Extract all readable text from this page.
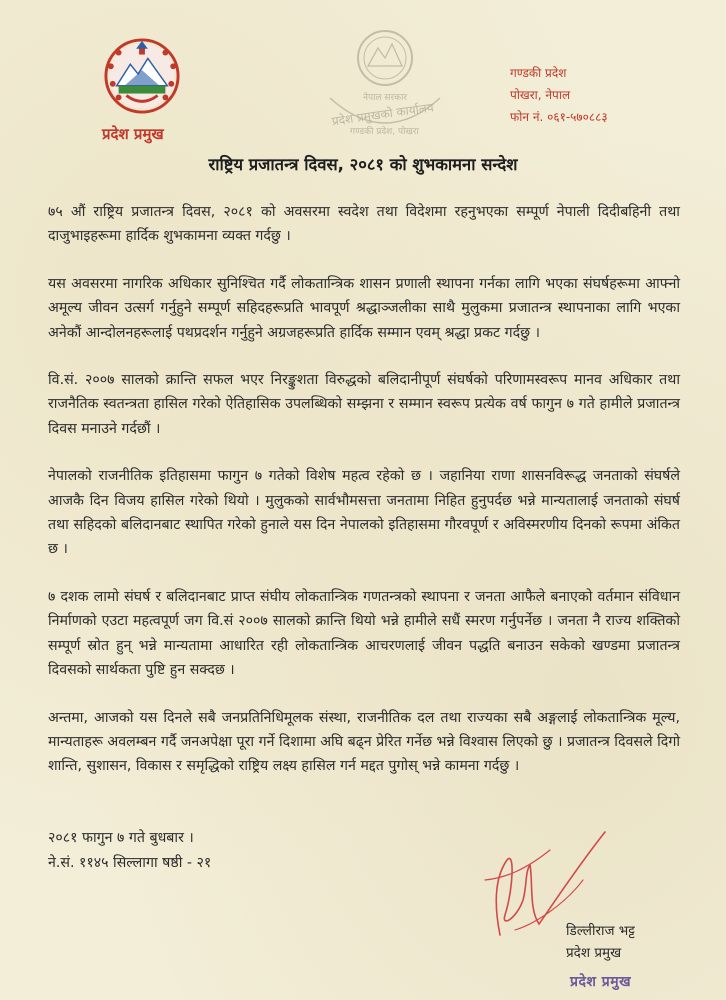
नेपाल सरकार
प्रदेश प्रमुखको कार्यालय
गण्डकी प्रदेश, पोखरा
प्रदेश प्रमुख
गण्डकी प्रदेश
पोखरा, नेपाल
फोन नं. ०६१-५७०८८३
राष्ट्रिय प्रजातन्त्र दिवस, २०८१ को शुभकामना सन्देश

७५ औं राष्ट्रिय प्रजातन्त्र दिवस, २०८१ को अवसरमा स्वदेश तथा विदेशमा रहनुभएका सम्पूर्ण नेपाली दिदीबहिनी तथा दाजुभाइहरूमा हार्दिक शुभकामना व्यक्त गर्दछु ।

यस अवसरमा नागरिक अधिकार सुनिश्चित गर्दै लोकतान्त्रिक शासन प्रणाली स्थापना गर्नका लागि भएका संघर्षहरूमा आफ्नो अमूल्य जीवन उत्सर्ग गर्नुहुने सम्पूर्ण सहिदहरूप्रति भावपूर्ण श्रद्धाञ्जलीका साथै मुलुकमा प्रजातन्त्र स्थापनाका लागि भएका अनेकौं आन्दोलनहरूलाई पथप्रदर्शन गर्नुहुने अग्रजहरूप्रति हार्दिक सम्मान एवम् श्रद्धा प्रकट गर्दछु ।

वि.सं. २००७ सालको क्रान्ति सफल भएर निरङ्कुशता विरुद्धको बलिदानीपूर्ण संघर्षको परिणामस्वरूप मानव अधिकार तथा राजनैतिक स्वतन्त्रता हासिल गरेको ऐतिहासिक उपलब्धिको सम्झना र सम्मान स्वरूप प्रत्येक वर्ष फागुन ७ गते हामीले प्रजातन्त्र दिवस मनाउने गर्दछौं ।

नेपालको राजनीतिक इतिहासमा फागुन ७ गतेको विशेष महत्व रहेको छ । जहानिया राणा शासनविरूद्ध जनताको संघर्षले आजकै दिन विजय हासिल गरेको थियो । मुलुकको सार्वभौमसत्ता जनतामा निहित हुनुपर्दछ भन्ने मान्यतालाई जनताको संघर्ष तथा सहिदको बलिदानबाट स्थापित गरेको हुनाले यस दिन नेपालको इतिहासमा गौरवपूर्ण र अविस्मरणीय दिनको रूपमा अंकित छ ।

७ दशक लामो संघर्ष र बलिदानबाट प्राप्त संघीय लोकतान्त्रिक गणतन्त्रको स्थापना र जनता आफैले बनाएको वर्तमान संविधान निर्माणको एउटा महत्वपूर्ण जग वि.सं २००७ सालको क्रान्ति थियो भन्ने हामीले सधैं स्मरण गर्नुपर्नेछ । जनता नै राज्य शक्तिको सम्पूर्ण स्रोत हुन् भन्ने मान्यतामा आधारित रही लोकतान्त्रिक आचरणलाई जीवन पद्धति बनाउन सकेको खण्डमा प्रजातन्त्र दिवसको सार्थकता पुष्टि हुन सक्दछ ।

अन्तमा, आजको यस दिनले सबै जनप्रतिनिधिमूलक संस्था, राजनीतिक दल तथा राज्यका सबै अङ्गलाई लोकतान्त्रिक मूल्य, मान्यताहरू अवलम्बन गर्दै जनअपेक्षा पूरा गर्ने दिशामा अघि बढ्न प्रेरित गर्नेछ भन्ने विश्वास लिएको छु । प्रजातन्त्र दिवसले दिगो शान्ति, सुशासन, विकास र समृद्धिको राष्ट्रिय लक्ष्य हासिल गर्न मद्दत पुगोस् भन्ने कामना गर्दछु ।

२०८१ फागुन ७ गते बुधबार ।
ने.सं. ११४५ सिल्लागा षष्ठी - २१
डिल्लीराज भट्ट
प्रदेश प्रमुख
प्रदेश प्रमुख
